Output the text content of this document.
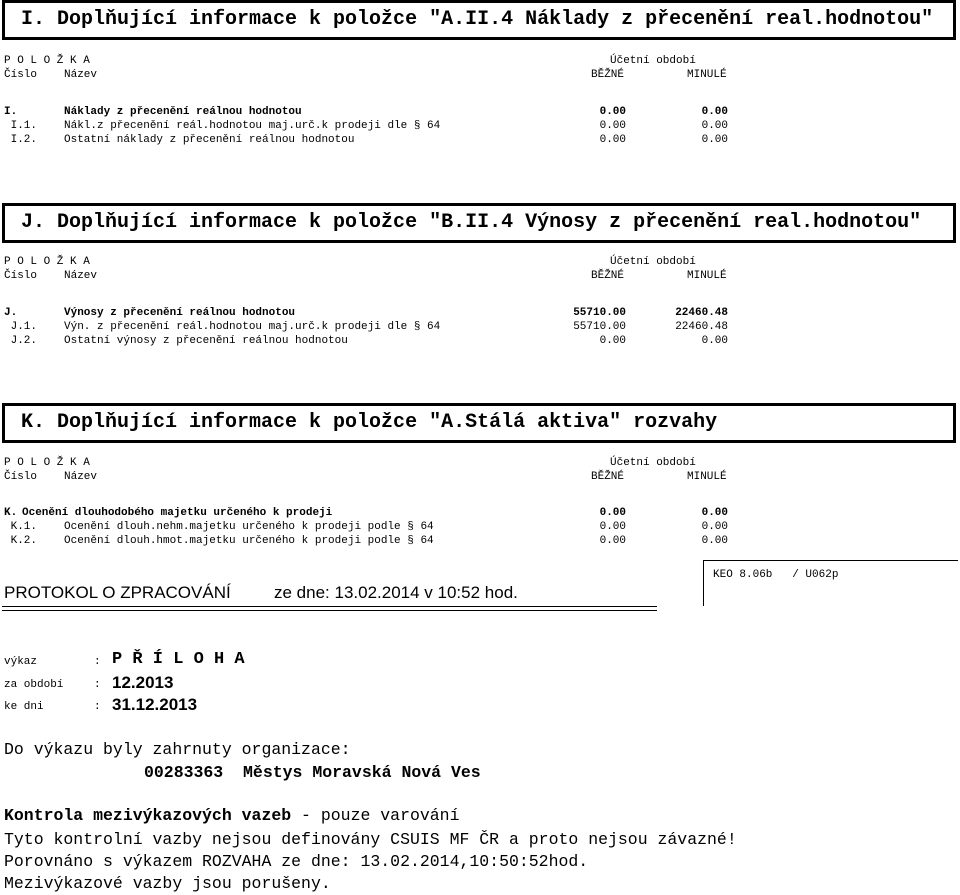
I. Doplňující informace k položce "A.II.4 Náklady z přecenění real.hodnotou"
P O L O Ž K A	Účetní období
Číslo Název	BĚŽNÉ	MINULÉ
I.	Náklady z přecenění reálnou hodnotou	0.00	0.00
I.1. Nákl.z přecenění reál.hodnotou maj.urč.k prodeji dle § 64	0.00	0.00
I.2. Ostatní náklady z přecenění reálnou hodnotou	0.00	0.00
J. Doplňující informace k položce "B.II.4 Výnosy z přecenění real.hodnotou"
P O L O Ž K A	Účetní období
Číslo Název	BĚŽNÉ	MINULÉ
J.	Výnosy z přecenění reálnou hodnotou	55710.00	22460.48
J.1. Výn. z přecenění reál.hodnotou maj.urč.k prodeji dle § 64	55710.00	22460.48
J.2. Ostatní výnosy z přecenění reálnou hodnotou	0.00	0.00
K. Doplňující informace k položce "A.Stálá aktiva" rozvahy
P O L O Ž K A	Účetní období
Číslo Název	BĚŽNÉ	MINULÉ
K. Ocenění dlouhodobého majetku určeného k prodeji	0.00	0.00
K.1. Ocenění dlouh.nehm.majetku určeného k prodeji podle § 64	0.00	0.00
K.2. Ocenění dlouh.hmot.majetku určeného k prodeji podle § 64	0.00	0.00
PROTOKOL O ZPRACOVÁNÍ	ze dne: 13.02.2014 v 10:52 hod.
KEO 8.06b   / U062p
výkaz	: P Ř Í L O H A
za období	: 12.2013
ke dni	: 31.12.2013
Do výkazu byly zahrnuty organizace:
00283363  Městys Moravská Nová Ves
Kontrola mezivýkazových vazeb - pouze varování
Tyto kontrolní vazby nejsou definovány CSUIS MF ČR a proto nejsou závazné!
Porovnáno s výkazem ROZVAHA ze dne: 13.02.2014,10:50:52hod.
Mezivýkazové vazby jsou porušeny.
